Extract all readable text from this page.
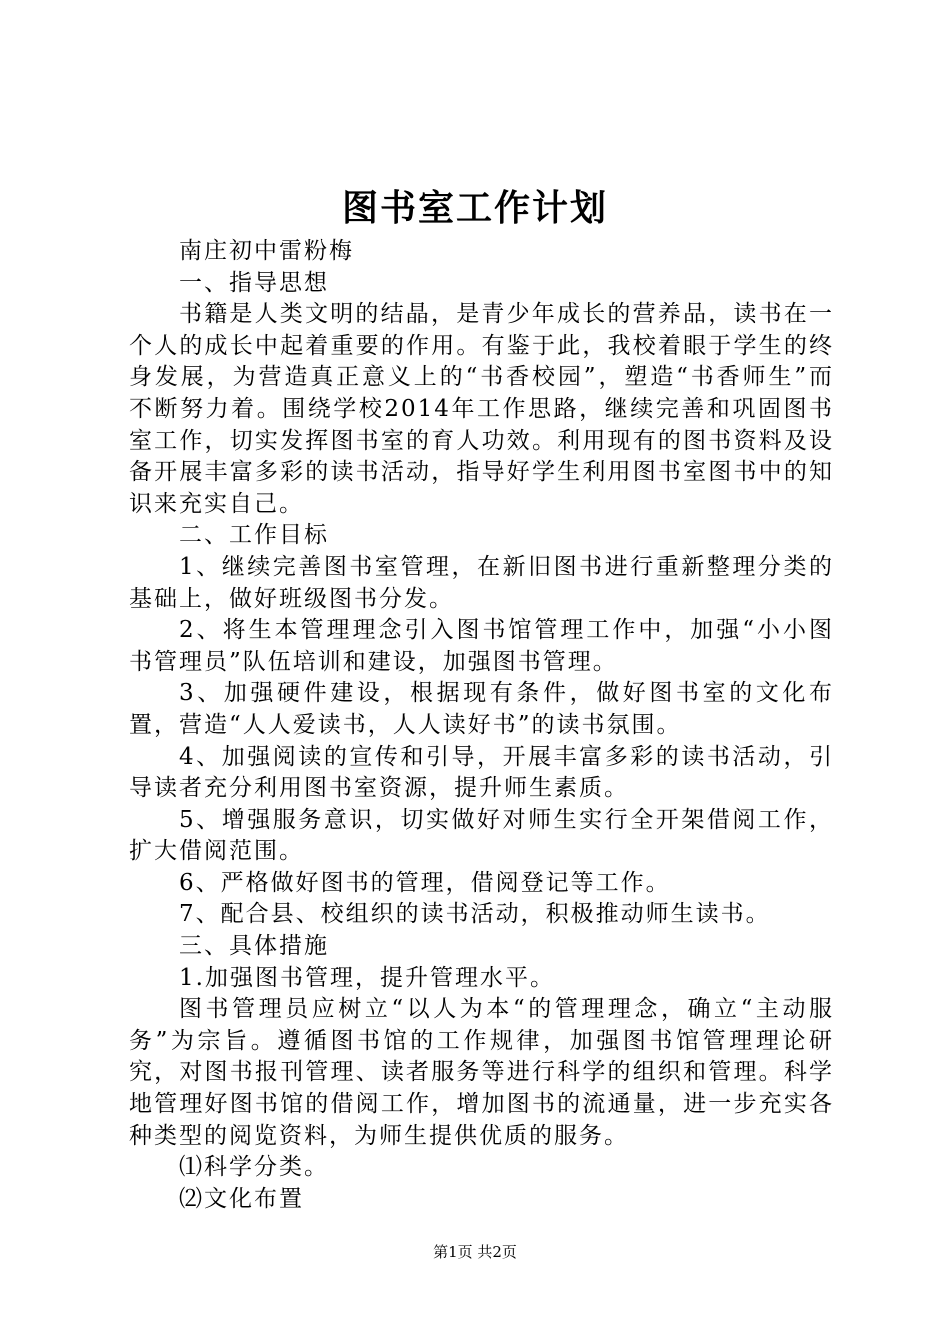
图书室工作计划

南庄初中雷粉梅

一、指导思想

书籍是人类文明的结晶，是青少年成长的营养品，读书在一个人的成长中起着重要的作用。有鉴于此，我校着眼于学生的终身发展，为营造真正意义上的“书香校园”，塑造“书香师生”而不断努力着。围绕学校2014年工作思路，继续完善和巩固图书室工作，切实发挥图书室的育人功效。利用现有的图书资料及设备开展丰富多彩的读书活动，指导好学生利用图书室图书中的知识来充实自己。

二、工作目标

1、继续完善图书室管理，在新旧图书进行重新整理分类的基础上，做好班级图书分发。

2、将生本管理理念引入图书馆管理工作中，加强“小小图书管理员”队伍培训和建设，加强图书管理。

3、加强硬件建设，根据现有条件，做好图书室的文化布置，营造“人人爱读书，人人读好书”的读书氛围。

4、加强阅读的宣传和引导，开展丰富多彩的读书活动，引导读者充分利用图书室资源，提升师生素质。

5、增强服务意识，切实做好对师生实行全开架借阅工作，扩大借阅范围。

6、严格做好图书的管理，借阅登记等工作。

7、配合县、校组织的读书活动，积极推动师生读书。

三、具体措施

1.加强图书管理，提升管理水平。

图书管理员应树立“以人为本“的管理理念，确立“主动服务”为宗旨。遵循图书馆的工作规律，加强图书馆管理理论研究，对图书报刊管理、读者服务等进行科学的组织和管理。科学地管理好图书馆的借阅工作，增加图书的流通量，进一步充实各种类型的阅览资料，为师生提供优质的服务。

⑴科学分类。

⑵文化布置

第1页 共2页
